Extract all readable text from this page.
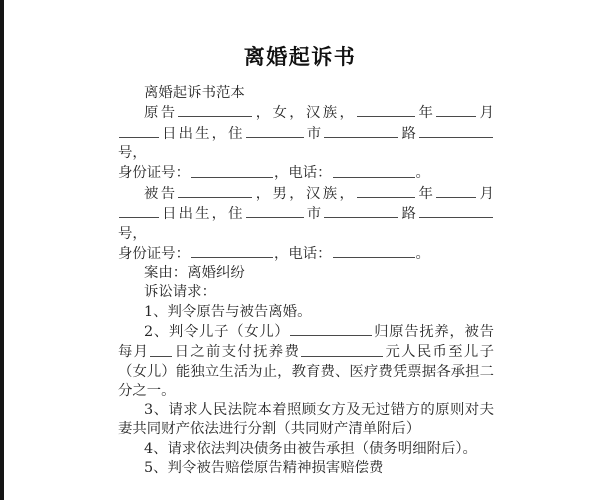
离婚起诉书

离婚起诉书范本

原告	，女，汉族，	年	月日出生，住	市	路号，

身份证号：	，电话：	。

被告	，男，汉族，	年	月日出生，住	市	路号，

身份证号：	，电话：	。

案由：离婚纠纷

诉讼请求：

1、判令原告与被告离婚。

2、判令儿子（女儿）	归原告抚养，被告每月 日之前支付抚养费	元人民币至儿子（女儿）能独立生活为止，教育费、医疗费凭票据各承担二分之一。

3、请求人民法院本着照顾女方及无过错方的原则对夫妻共同财产依法进行分割（共同财产清单附后）

4、请求依法判决债务由被告承担（债务明细附后）。

5、判令被告赔偿原告精神损害赔偿费
